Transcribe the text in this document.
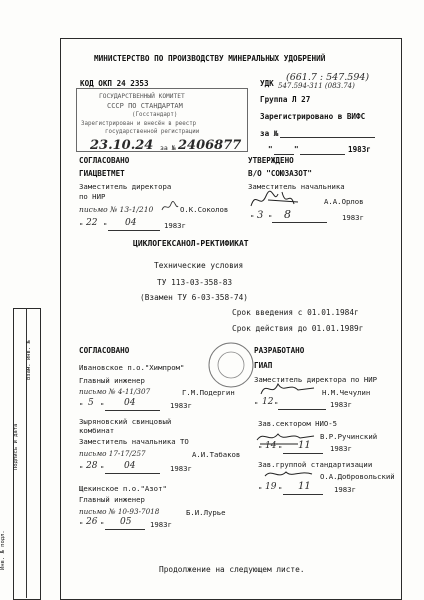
Инв. № подл.
Подпись и дата
Взам. инв. №
МИНИСТЕРСТВО ПО ПРОИЗВОДСТВУ МИНЕРАЛЬНЫХ УДОБРЕНИЙ
КОД ОКП 24 2353	УДК
(661.7 : 547.594)
547.594-311 (083.74)
Группа Л 27
Зарегистрировано в ВИФС
за №
"	"	1983г
ГОСУДАРСТВЕННЫЙ КОМИТЕТ
СССР ПО СТАНДАРТАМ
(Госстандарт)
Зарегистрирован и внесён в реестр
государственной регистрации
23.10.24 за № 2406877
СОГЛАСОВАНО
ГИАЦВЕТМЕТ
Заместитель директора
по НИР
письмо № 13-1/210	О.К.Соколов
" 22 " 04	1983г
УТВЕРЖДЕНО
В/О "СОЮЗАЗОТ"
Заместитель начальника
А.А.Орлов
" 3 " 8	1983г
ЦИКЛОГЕКСАНОЛ-РЕКТИФИКАТ
Технические условия
ТУ 113-03-358-83
(Взамен ТУ 6-03-358-74)
Срок введения с 01.01.1984г
Срок действия до 01.01.1989г
СОГЛАСОВАНО
Ивановское п.о."Химпром"
Главный инженер
письмо № 4-11/307	Г.М.Подергин
" 5 " 04	1983г
Зыряновский свинцовый
комбинат
Заместитель начальника ТО
письмо 17-17/257	А.И.Табаков
" 28 " 04	1983г
Щекинское п.о."Азот"
Главный инженер
письмо № 10-93-7018	Б.И.Лурье
" 26 " 05	1983г
РАЗРАБОТАНО
ГИАП
Заместитель директора по НИР
Н.М.Чечулин
" 12 "	1983г
Зав.сектором НИО-5
В.Р.Ручинский
" 14 " 11	1983г
Зав.группой стандартизации
О.А.Добровольский
" 19 " 11	1983г
Продолжение на следующем листе.
